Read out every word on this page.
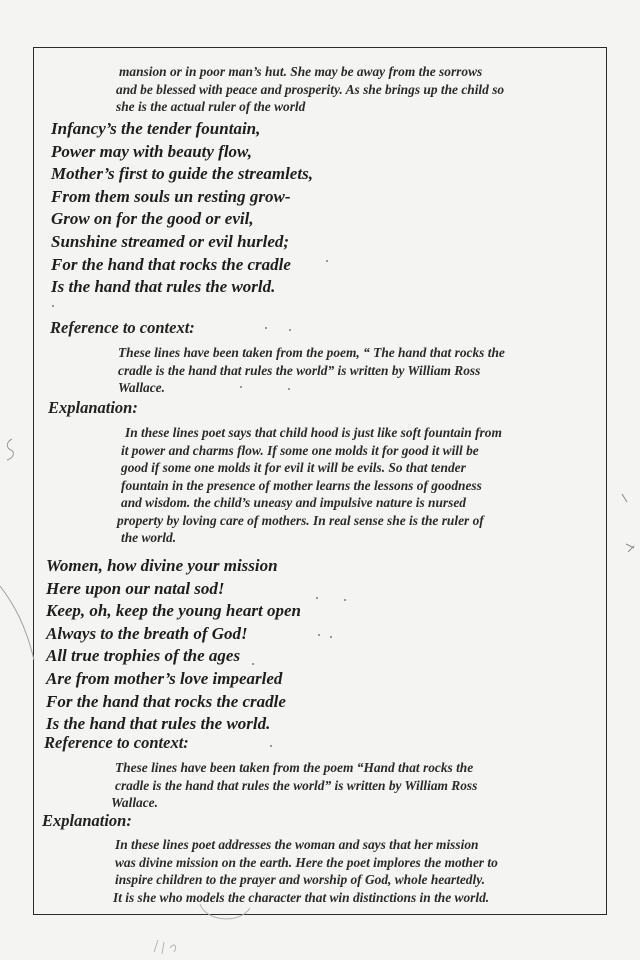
mansion or in poor man’s hut. She may be away from the sorrows
and be blessed with peace and prosperity. As she brings up the child so
she is the actual ruler of the world
Infancy’s the tender fountain,
Power may with beauty flow,
Mother’s first to guide the streamlets,
From them souls un resting grow-
Grow on for the good or evil,
Sunshine streamed or evil hurled;
For the hand that rocks the cradle
Is the hand that rules the world.
Reference to context:
These lines have been taken from the poem, “ The hand that rocks the
cradle is the hand that rules the world” is written by William Ross
Wallace.
Explanation:
In these lines poet says that child hood is just like soft fountain from
it power and charms flow. If some one molds it for good it will be
good if some one molds it for evil it will be evils. So that tender
fountain in the presence of mother learns the lessons of goodness
and wisdom. the child’s uneasy and impulsive nature is nursed
property by loving care of mothers. In real sense she is the ruler of
the world.
Women, how divine your mission
Here upon our natal sod!
Keep, oh, keep the young heart open
Always to the breath of God!
All true trophies of the ages
Are from mother’s love impearled
For the hand that rocks the cradle
Is the hand that rules the world.
Reference to context:
These lines have been taken from the poem “Hand that rocks the
cradle is the hand that rules the world” is written by William Ross
Wallace.
Explanation:
In these lines poet addresses the woman and says that her mission
was divine mission on the earth. Here the poet implores the mother to
inspire children to the prayer and worship of God, whole heartedly.
It is she who models the character that win distinctions in the world.
